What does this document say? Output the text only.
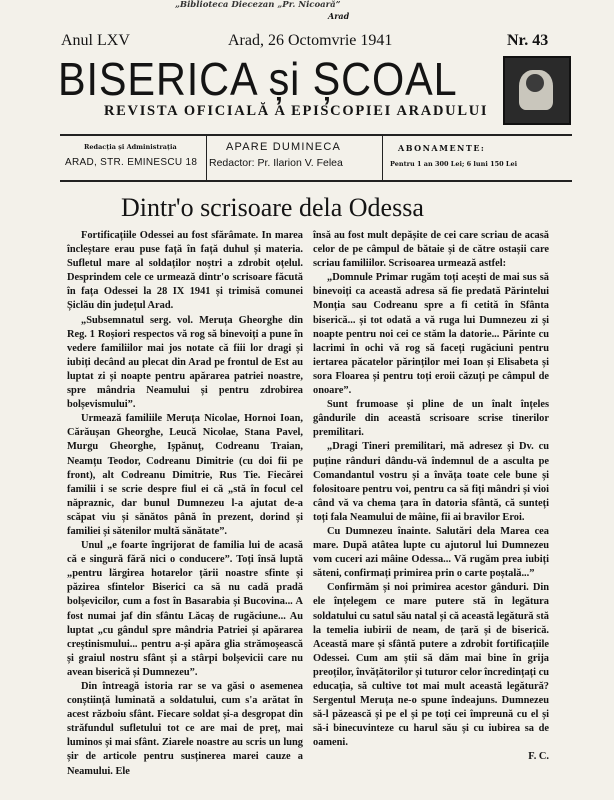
„Biblioteca Diecezan „Pr. Nicoară”
Arad
Anul LXV	Arad, 26 Octomvrie 1941	Nr. 43
BISERICA și ȘCOAL
REVISTA OFICIALĂ A EPISCOPIEI ARADULUI
Redacția și Administrația
ARAD, STR. EMINESCU 18
APARE DUMINECA
Redactor: Pr. Ilarion V. Felea
ABONAMENTE:
Pentru 1 an 300 Lei; 6 luni 150 Lei
Dintr'o scrisoare dela Odessa

Fortificațiile Odessei au fost sfărâmate. In marea încleștare erau puse față în față duhul și materia. Sufletul mare al soldaților noștri a zdrobit oțelul. Desprindem cele ce urmează dintr'o scrisoare făcută în fața Odessei la 28 IX 1941 și trimisă comunei Șiclău din județul Arad.

„Subsemnatul serg. vol. Meruța Gheorghe din Reg. 1 Roșiori respectos vă rog să binevoiți a pune în vedere familiilor mai jos notate că fiii lor dragi și iubiți decând au plecat din Arad pe frontul de Est au luptat zi și noapte pentru apărarea patriei noastre, spre mândria Neamului și pentru zdrobirea bolșevismului”.

Urmează familiile Meruța Nicolae, Hornoi Ioan, Cărăușan Gheorghe, Leucă Nicolae, Stana Pavel, Murgu Gheorghe, Ișpănuț, Codreanu Traian, Neamțu Teodor, Codreanu Dimitrie (cu doi fii pe front), alt Codreanu Dimitrie, Rus Tie. Fiecărei familii i se scrie despre fiul ei că „stă în focul cel năpraznic, dar bunul Dumnezeu l-a ajutat de-a scăpat viu și sănătos până în prezent, dorind și familiei și sătenilor multă sănătate”.

Unul „e foarte îngrijorat de familia lui de acasă că e singură fără nici o conducere”. Toți însă luptă „pentru lărgirea hotarelor țării noastre sfinte și păzirea sfintelor Biserici ca să nu cadă pradă bolșevicilor, cum a fost în Basarabia și Bucovina... A fost numai jaf din sfântu Lăcaș de rugăciune... Au luptat „cu gândul spre mândria Patriei și apărarea creștinismului... pentru a-și apăra glia strămoșească și graiul nostru sfânt și a stârpi bolșevicii care nu avean biserică și Dumnezeu”.

Din întreagă istoria rar se va găsi o asemenea conștiință luminată a soldatului, cum s'a arătat în acest războiu sfânt. Fiecare soldat și-a desgropat din străfundul sufletului tot ce are mai de preț, mai luminos și mai sfânt. Ziarele noastre au scris un lung șir de articole pentru susținerea marei cauze a Neamului. Ele

însă au fost mult depășite de cei care scriau de acasă celor de pe câmpul de bătaie și de către ostașii care scriau familiilor. Scrisoarea urmează astfel:

„Domnule Primar rugăm toți acești de mai sus să binevoiți ca această adresa să fie predată Părintelui Monția sau Codreanu spre a fi cetită în Sfânta biserică... și tot odată a vă ruga lui Dumnezeu zi și noapte pentru noi cei ce stăm la datorie... Părinte cu lacrimi în ochi vă rog să faceți rugăciuni pentru iertarea păcatelor părinților mei Ioan și Elisabeta și sora Floarea și pentru toți eroii căzuți pe câmpul de onoare”.

Sunt frumoase și pline de un înalt înțeles gândurile din această scrisoare scrise tinerilor premilitari.

„Dragi Tineri premilitari, mă adresez și Dv. cu puține rânduri dându-vă îndemnul de a asculta pe Comandantul vostru și a învăța toate cele bune și folositoare pentru voi, pentru ca să fiți mândri și vioi când vă va chema țara în datoria sfântă, că sunteți toți fala Neamului de mâine, fii ai bravilor Eroi.

Cu Dumnezeu înainte. Salutări dela Marea cea mare. După atâtea lupte cu ajutorul lui Dumnezeu vom cuceri azi mâine Odessa... Vă rugăm prea iubiți săteni, confirmați primirea prin o carte poștală...”

Confirmăm și noi primirea acestor gânduri. Din ele înțelegem ce mare putere stă în legătura soldatului cu satul său natal și că această legătură stă la temelia iubirii de neam, de țară și de biserică. Această mare și sfântă putere a zdrobit fortificațiile Odessei. Cum am știi să dăm mai bine în grija preoților, învățătorilor și tuturor celor încredințați cu educația, să cultive tot mai mult această legătură? Sergentul Meruța ne-o spune îndeajuns. Dumnezeu să-l păzească și pe el și pe toți cei împreună cu el și să-i binecuvinteze cu harul său și cu iubirea sa de oameni.

F. C.
